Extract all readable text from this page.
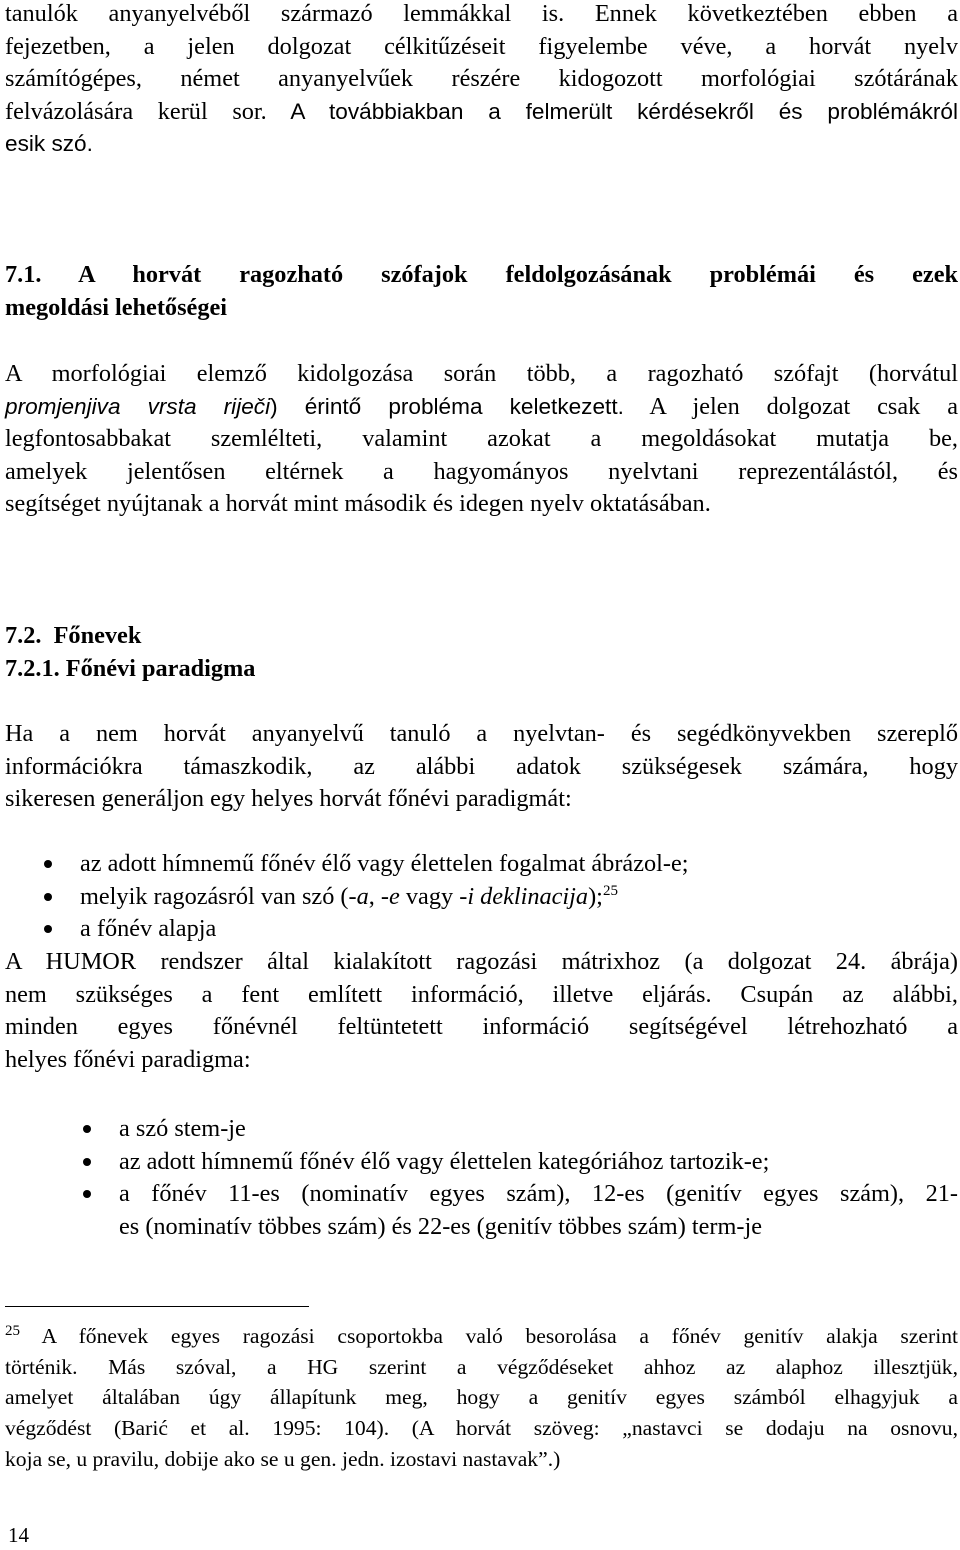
tanulók anyanyelvéből származó lemmákkal is. Ennek következtében ebben a
fejezetben, a jelen dolgozat célkitűzéseit figyelembe véve, a horvát nyelv
számítógépes, német anyanyelvűek részére kidogozott morfológiai szótárának
felvázolására kerül sor. A továbbiakban a felmerült kérdésekről és problémákról
esik szó.
7.1. A horvát ragozható szófajok feldolgozásának problémái és ezek
megoldási lehetőségei
A morfológiai elemző kidolgozása során több, a ragozható szófajt (horvátul
promjenjiva vrsta riječi) érintő probléma keletkezett. A jelen dolgozat csak a
legfontosabbakat szemlélteti, valamint azokat a megoldásokat mutatja be,
amelyek jelentősen eltérnek a hagyományos nyelvtani reprezentálástól, és
segítséget nyújtanak a horvát mint második és idegen nyelv oktatásában.
7.2.  Főnevek
7.2.1. Főnévi paradigma
Ha a nem horvát anyanyelvű tanuló a nyelvtan- és segédkönyvekben szereplő
információkra támaszkodik, az alábbi adatok szükségesek számára, hogy
sikeresen generáljon egy helyes horvát főnévi paradigmát:
az adott hímnemű főnév élő vagy élettelen fogalmat ábrázol-e;
melyik ragozásról van szó (-a, -e vagy -i deklinacija);$^{25}$
a főnév alapja
A HUMOR rendszer által kialakított ragozási mátrixhoz (a dolgozat 24. ábrája)
nem szükséges a fent említett információ, illetve eljárás. Csupán az alábbi,
minden egyes főnévnél feltüntetett információ segítségével létrehozható a
helyes főnévi paradigma:
a szó stem-je
az adott hímnemű főnév élő vagy élettelen kategóriához tartozik-e;
a főnév 11-es (nominatív egyes szám), 12-es (genitív egyes szám), 21-
es (nominatív többes szám) és 22-es (genitív többes szám) term-je
$^{25}$ A főnevek egyes ragozási csoportokba való besorolása a főnév genitív alakja szerint
történik. Más szóval, a HG szerint a végződéseket ahhoz az alaphoz illesztjük,
amelyet általában úgy állapítunk meg, hogy a genitív egyes számból elhagyjuk a
végződést (Barić et al. 1995: 104). (A horvát szöveg: „nastavci se dodaju na osnovu,
koja se, u pravilu, dobije ako se u gen. jedn. izostavi nastavak”.)
14
